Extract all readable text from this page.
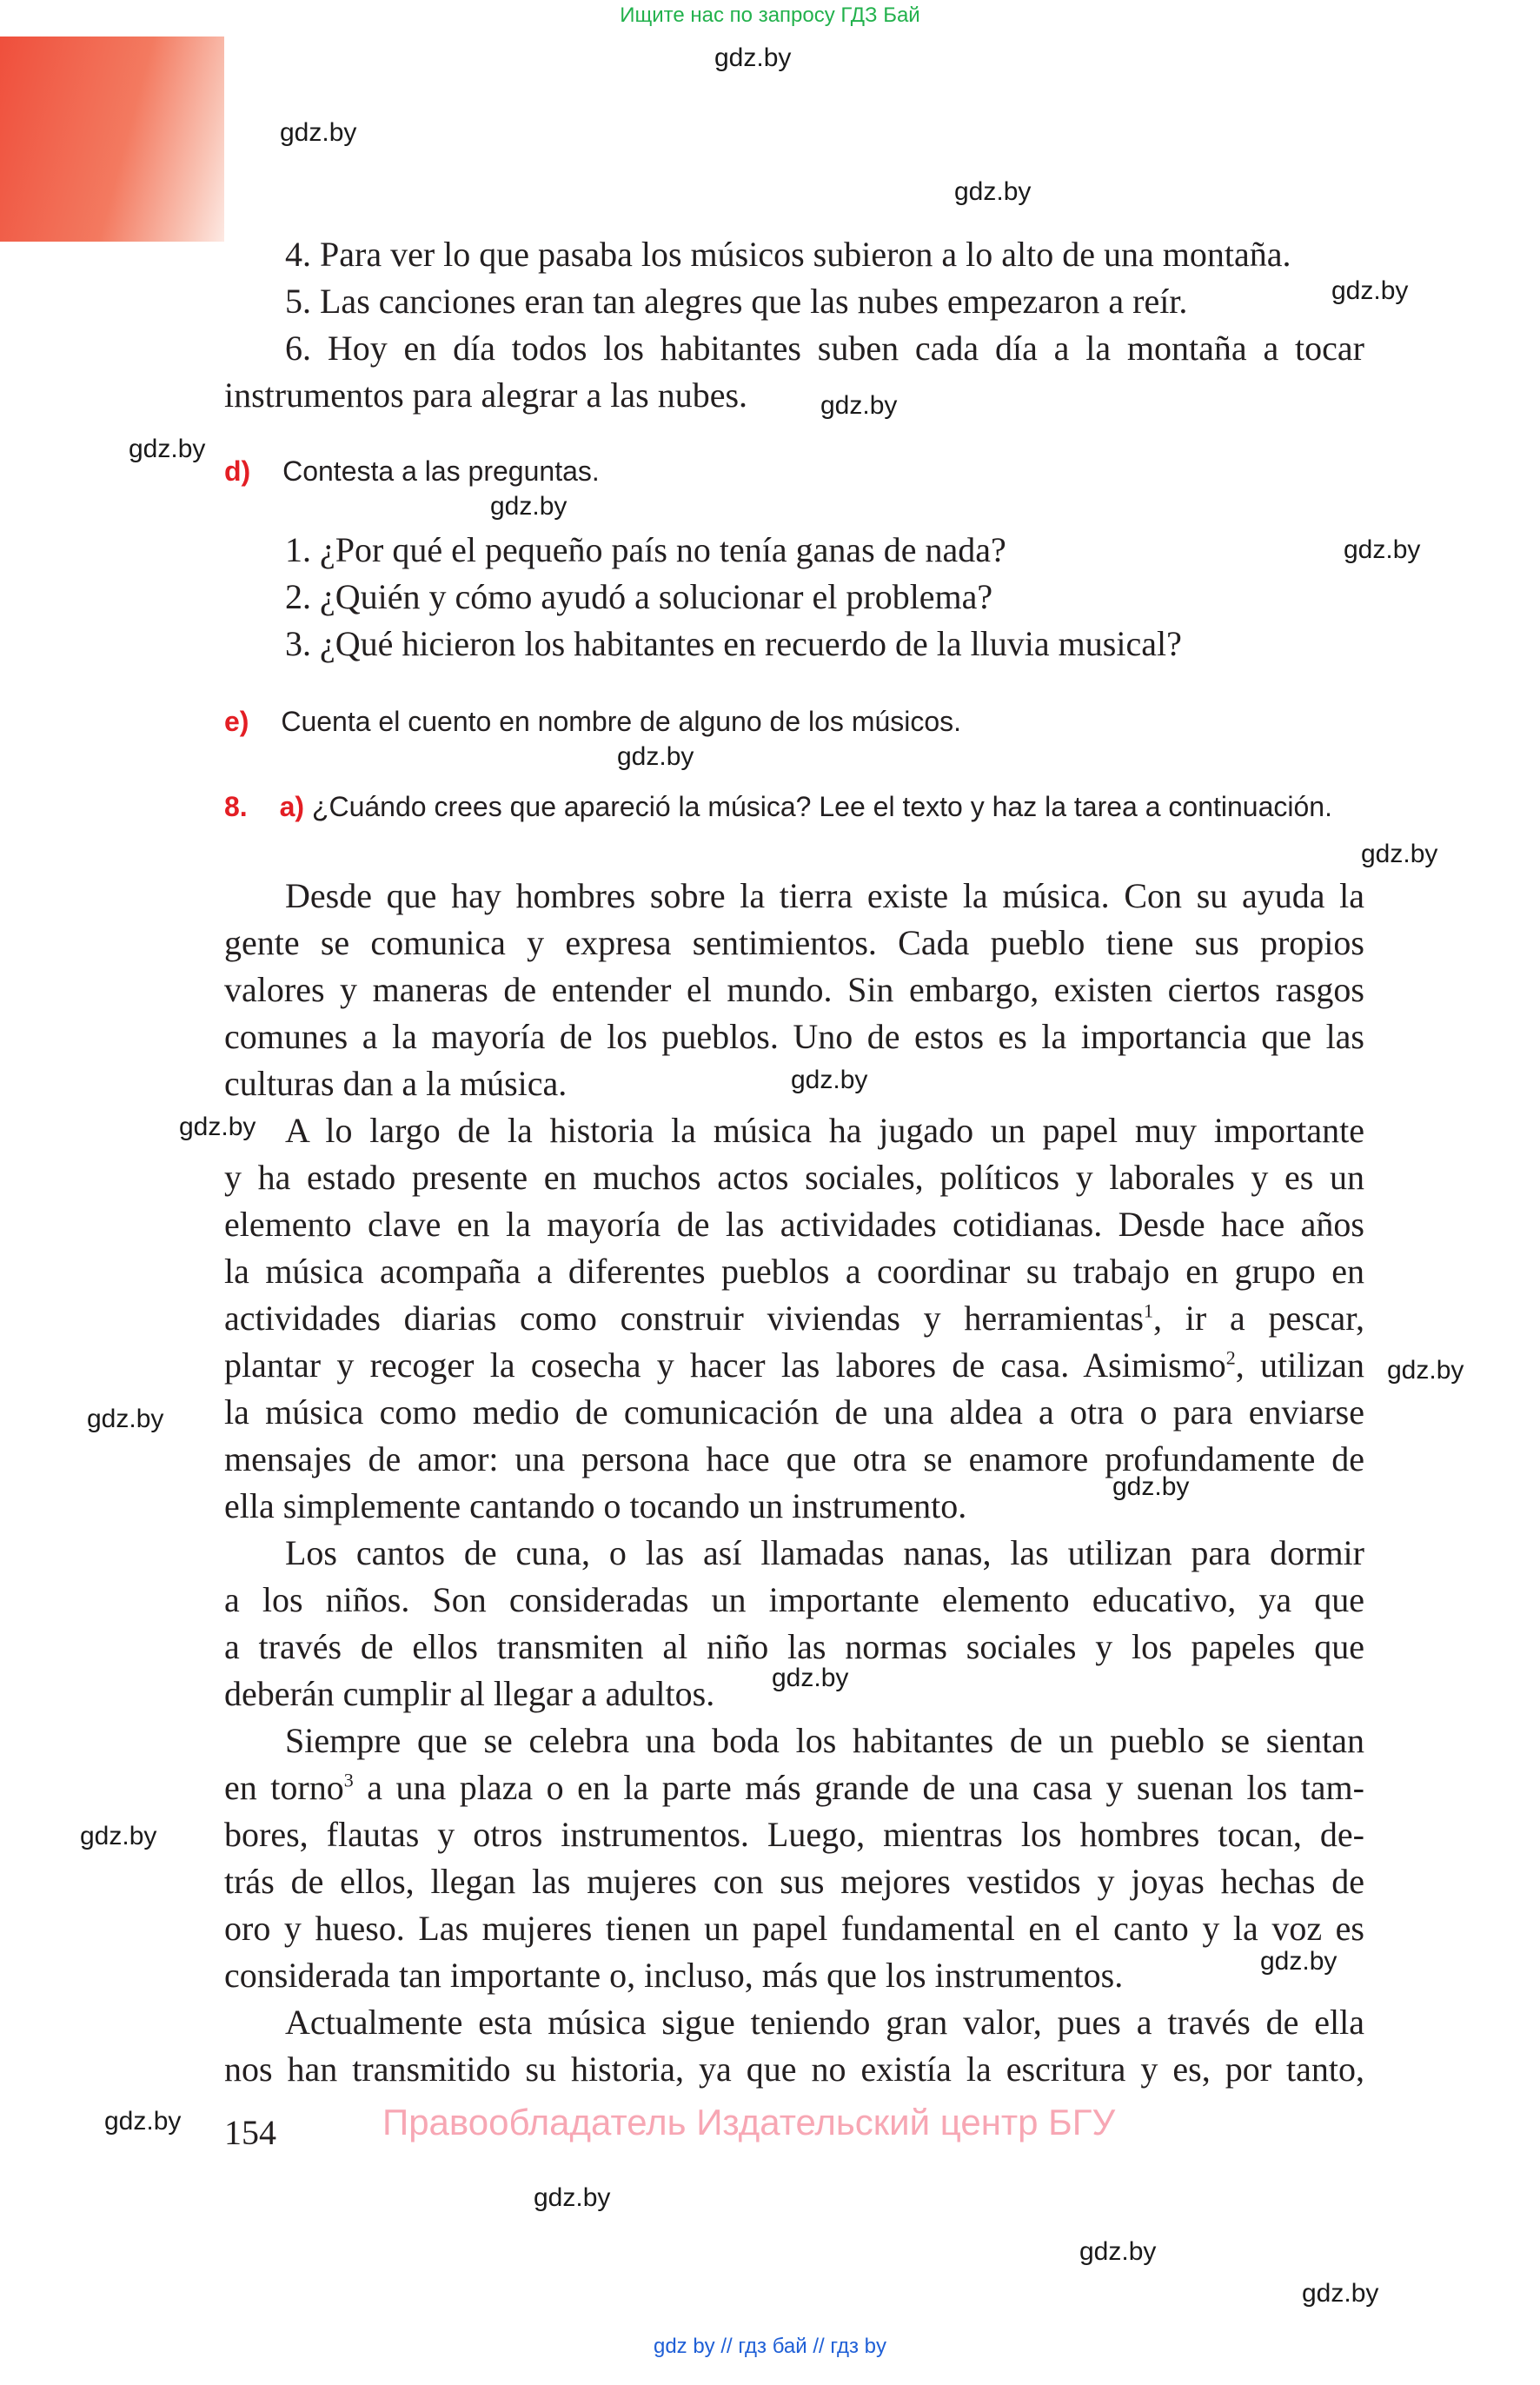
Ищите нас по запросу ГДЗ Бай
gdz.by
gdz.by
gdz.by
gdz.by
gdz.by
gdz.by
gdz.by
gdz.by
gdz.by
gdz.by
gdz.by
gdz.by
gdz.by
gdz.by
gdz.by
gdz.by
gdz.by
gdz.by
gdz.by
gdz.by
gdz.by
gdz.by
4. Para ver lo que pasaba los músicos subieron a lo alto de una montaña.
5. Las canciones eran tan alegres que las nubes empezaron a reír.
6. Hoy en día todos los habitantes suben cada día a la montaña a tocar
instrumentos para alegrar a las nubes.
d) Contesta a las preguntas.
1. ¿Por qué el pequeño país no tenía ganas de nada?
2. ¿Quién y cómo ayudó a solucionar el problema?
3. ¿Qué hicieron los habitantes en recuerdo de la lluvia musical?
e) Cuenta el cuento en nombre de alguno de los músicos.
8. a) ¿Cuándo crees que apareció la música? Lee el texto y haz la tarea a continuación.
Desde que hay hombres sobre la tierra existe la música. Con su ayuda la
gente se comunica y expresa sentimientos. Cada pueblo tiene sus propios
valores y maneras de entender el mundo. Sin embargo, existen ciertos rasgos
comunes a la mayoría de los pueblos. Uno de estos es la importancia que las
culturas dan a la música.
A lo largo de la historia la música ha jugado un papel muy importante
y ha estado presente en muchos actos sociales, políticos y laborales y es un
elemento clave en la mayoría de las actividades cotidianas. Desde hace años
la música acompaña a diferentes pueblos a coordinar su trabajo en grupo en
actividades diarias como construir viviendas y herramientas$^1$, ir a pescar,
plantar y recoger la cosecha y hacer las labores de casa. Asimismo$^2$, utilizan
la música como medio de comunicación de una aldea a otra o para enviarse
mensajes de amor: una persona hace que otra se enamore profundamente de
ella simplemente cantando o tocando un instrumento.
Los cantos de cuna, o las así llamadas nanas, las utilizan para dormir
a los niños. Son consideradas un importante elemento educativo, ya que
a través de ellos transmiten al niño las normas sociales y los papeles que
deberán cumplir al llegar a adultos.
Siempre que se celebra una boda los habitantes de un pueblo se sientan
en torno$^3$ a una plaza o en la parte más grande de una casa y suenan los tam-
bores, flautas y otros instrumentos. Luego, mientras los hombres tocan, de-
trás de ellos, llegan las mujeres con sus mejores vestidos y joyas hechas de
oro y hueso. Las mujeres tienen un papel fundamental en el canto y la voz es
considerada tan importante o, incluso, más que los instrumentos.
Actualmente esta música sigue teniendo gran valor, pues a través de ella
nos han transmitido su historia, ya que no existía la escritura y es, por tanto,
154	Правообладатель Издательский центр БГУ
gdz by // гдз бай // гдз by
